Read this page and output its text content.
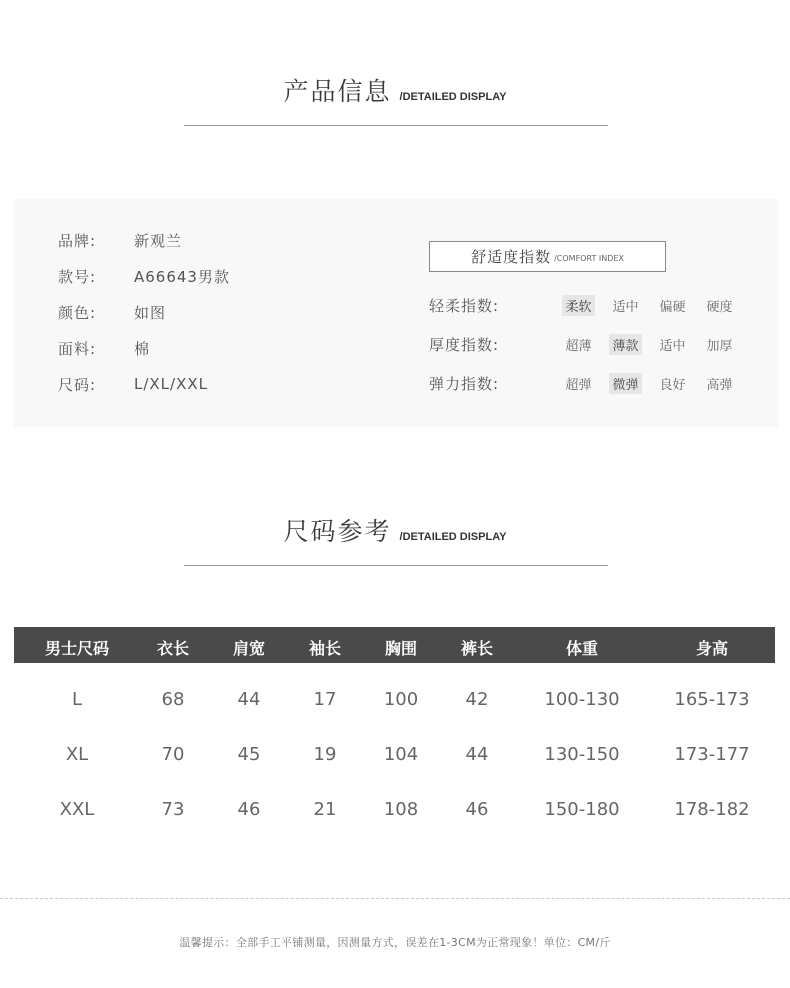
产品信息 /DETAILED DISPLAY
品牌:	新观兰
款号:	A66643男款
颜色:	如图
面料:	棉
尺码:	L/XL/XXL
舒适度指数 /COMFORT INDEX
轻柔指数:	柔软 适中 偏硬 硬度
厚度指数:	超薄 薄款 适中 加厚
弹力指数:	超弹 微弹 良好 高弹
尺码参考 /DETAILED DISPLAY
男士尺码	衣长	肩宽	袖长	胸围	裤长	体重	身高
L	68	44	17	100	42	100-130	165-173
XL	70	45	19	104	44	130-150	173-177
XXL	73	46	21	108	46	150-180	178-182
温馨提示：全部手工平铺测量，因测量方式，误差在1-3CM为正常现象！单位：CM/斤
